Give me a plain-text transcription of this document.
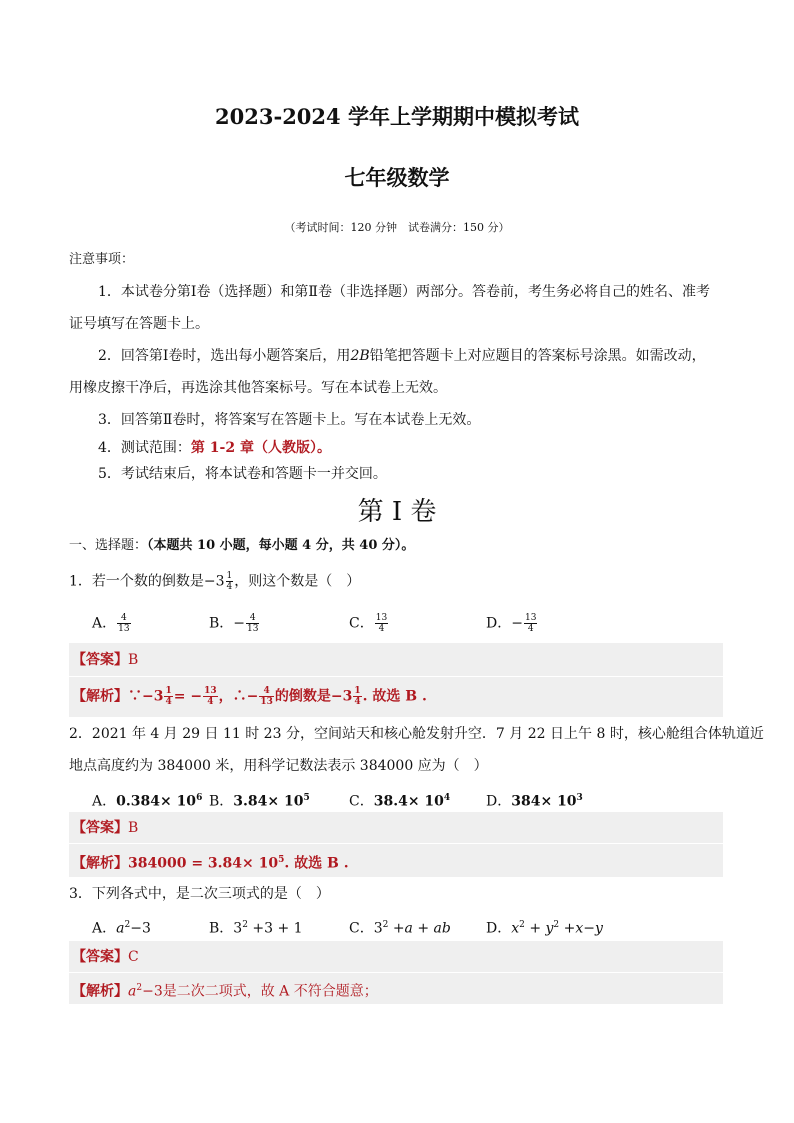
2023-2024 学年上学期期中模拟考试
七年级数学
（考试时间：120 分钟　试卷满分：150 分）
注意事项：
1．本试卷分第Ⅰ卷（选择题）和第Ⅱ卷（非选择题）两部分。答卷前，考生务必将自己的姓名、准考
证号填写在答题卡上。
2．回答第Ⅰ卷时，选出每小题答案后，用2B铅笔把答题卡上对应题目的答案标号涂黑。如需改动，
用橡皮擦干净后，再选涂其他答案标号。写在本试卷上无效。
3．回答第Ⅱ卷时，将答案写在答题卡上。写在本试卷上无效。
4．测试范围：第 1-2 章（人教版）。
5．考试结束后，将本试卷和答题卡一并交回。
第 I 卷
一、选择题：（本题共 10 小题，每小题 4 分，共 40 分）。
1．若一个数的倒数是$-3 \frac{1}{4}$ ，则这个数是（　）
A． $\frac{4}{13}$	B．− $\frac{4}{13}$	C． $\frac{13}{4}$	D．− $\frac{13}{4}$
【答案】B
【解析】∵−3 $\frac{1}{4}$ = − $\frac{13}{4}$ ，∴− $\frac{4}{13}$ 的倒数是$-3 \frac{1}{4}$ . 故选 B .
2．2021 年 4 月 29 日 11 时 23 分，空间站天和核心舱发射升空．7 月 22 日上午 8 时，核心舱组合体轨道近
地点高度约为 384000 米，用科学记数法表示 384000 应为（　）
A．$0.384\times 10^6$ B．$3.84\times 10^5$	C．$38.4\times 10^4$	D．$384\times 10^3$
【答案】B
【解析】$384000 = 3.84\times 10^5$. 故选 B .
3．下列各式中，是二次三项式的是（　）
A．$a^2-3$	B．$3^2 +3 + 1$	C．$3^2 +a$ + ab	D．$x^2 + y^2 +x-y$
【答案】C
【解析】$a^2-3$是二次二项式，故 A 不符合题意；
